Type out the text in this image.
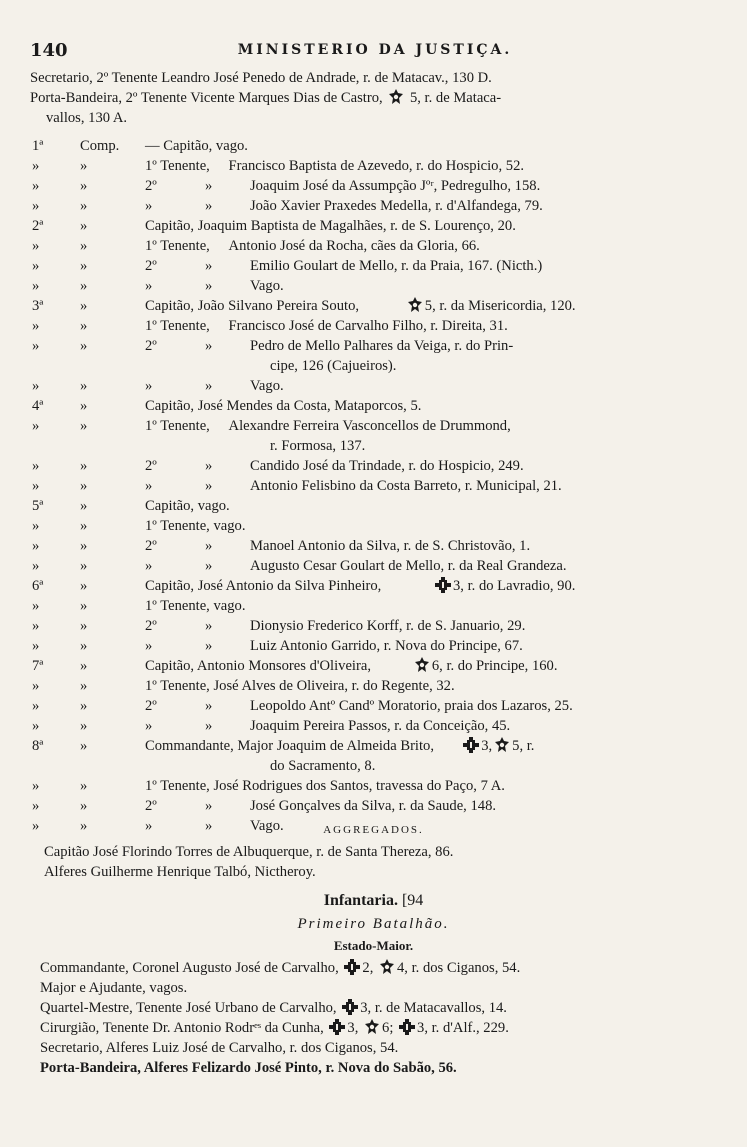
140	MINISTERIO DA JUSTIÇA.
Secretario, 2º Tenente Leandro José Penedo de Andrade, r. de Matacav., 130 D.
Porta-Bandeira, 2º Tenente Vicente Marques Dias de Castro, 5, r. de Mataca-
vallos, 130 A.
1ª	Comp. — Capitão, vago.
»	»	1º Tenente, Francisco Baptista de Azevedo, r. do Hospicio, 52.
»	»	2º	»	Joaquim José da Assumpção Jºʳ, Pedregulho, 158.
»	»	»	»	João Xavier Praxedes Medella, r. d'Alfandega, 79.
2ª	»	Capitão, Joaquim Baptista de Magalhães, r. de S. Lourenço, 20.
»	»	1º Tenente, Antonio José da Rocha, cães da Gloria, 66.
»	»	2º	»	Emilio Goulart de Mello, r. da Praia, 167. (Nicth.)
»	»	»	»	Vago.
3ª	»	Capitão, João Silvano Pereira Souto,	5, r. da Misericordia, 120.
»	»	1º Tenente, Francisco José de Carvalho Filho, r. Direita, 31.
»	»	2º	»	Pedro de Mello Palhares da Veiga, r. do Prin-
cipe, 126 (Cajueiros).
»	»	»	»	Vago.
4ª	»	Capitão, José Mendes da Costa, Mataporcos, 5.
»	»	1º Tenente, Alexandre Ferreira Vasconcellos de Drummond,
r. Formosa, 137.
»	»	2º	»	Candido José da Trindade, r. do Hospicio, 249.
»	»	»	»	Antonio Felisbino da Costa Barreto, r. Municipal, 21.
5ª	»	Capitão, vago.
»	»	1º Tenente, vago.
»	»	2º	»	Manoel Antonio da Silva, r. de S. Christovão, 1.
»	»	»	»	Augusto Cesar Goulart de Mello, r. da Real Grandeza.
6ª	»	Capitão, José Antonio da Silva Pinheiro,	3, r. do Lavradio, 90.
»	»	1º Tenente, vago.
»	»	2º	»	Dionysio Frederico Korff, r. de S. Januario, 29.
»	»	»	»	Luiz Antonio Garrido, r. Nova do Principe, 67.
7ª	»	Capitão, Antonio Monsores d'Oliveira,	6, r. do Principe, 160.
»	»	1º Tenente, José Alves de Oliveira, r. do Regente, 32.
»	»	2º	»	Leopoldo Antº Candº Moratorio, praia dos Lazaros, 25.
»	»	»	»	Joaquim Pereira Passos, r. da Conceição, 45.
8ª	»	Commandante, Major Joaquim de Almeida Brito,	3, 5, r.
do Sacramento, 8.
»	»	1º Tenente, José Rodrigues dos Santos, travessa do Paço, 7 A.
»	»	2º	»	José Gonçalves da Silva, r. da Saude, 148.
»	»	»	»	Vago.	AGGREGADOS.
Capitão José Florindo Torres de Albuquerque, r. de Santa Thereza, 86.
Alferes Guilherme Henrique Talbó, Nictheroy.
Infantaria. [94
Primeiro Batalhão.
Estado-Maior.
Commandante, Coronel Augusto José de Carvalho, 2, 4, r. dos Ciganos, 54.
Major e Ajudante, vagos.
Quartel-Mestre, Tenente José Urbano de Carvalho, 3, r. de Matacavallos, 14.
Cirurgião, Tenente Dr. Antonio Rodrᵉˢ da Cunha, 3, 6; 3, r. d'Alf., 229.
Secretario, Alferes Luiz José de Carvalho, r. dos Ciganos, 54.
Porta-Bandeira, Alferes Felizardo José Pinto, r. Nova do Sabão, 56.
